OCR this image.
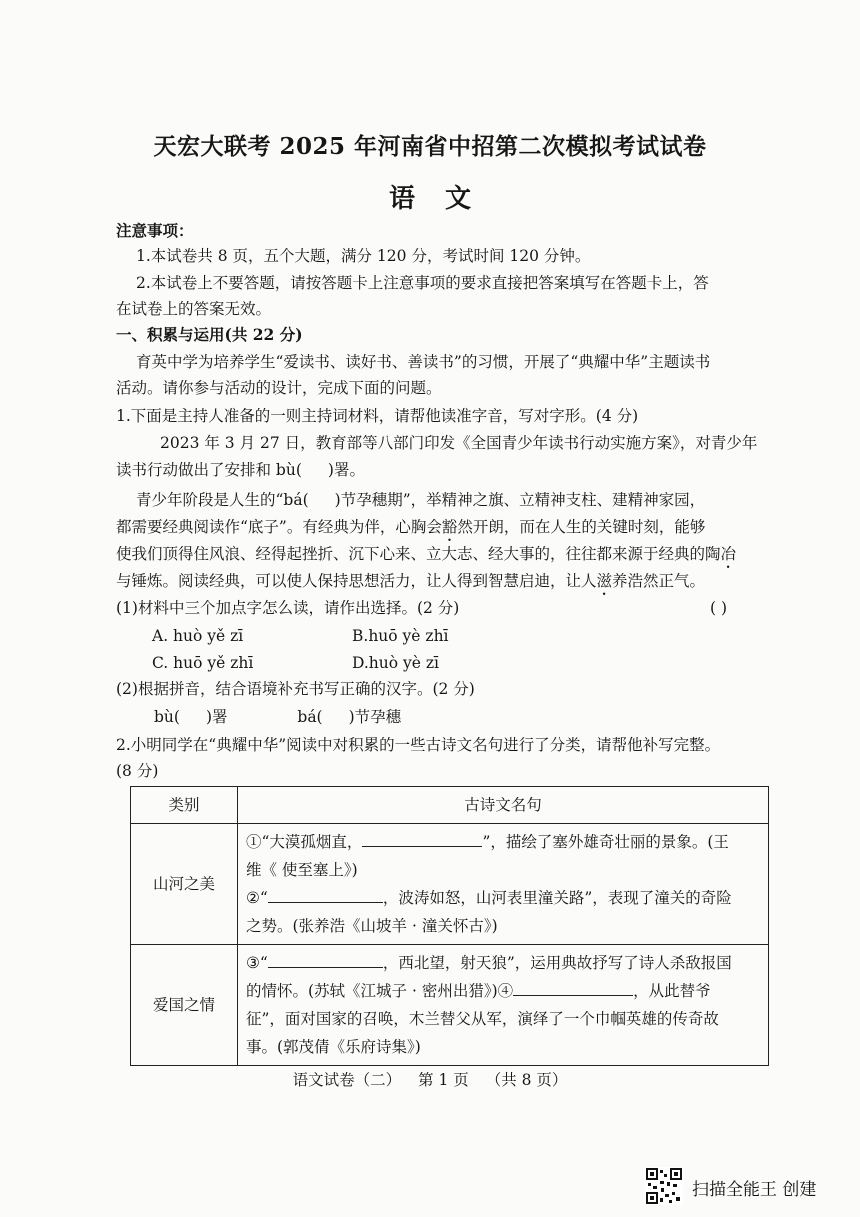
天宏大联考 2025 年河南省中招第二次模拟考试试卷
语文
注意事项：
1.本试卷共 8 页，五个大题，满分 120 分，考试时间 120 分钟。
2.本试卷上不要答题，请按答题卡上注意事项的要求直接把答案填写在答题卡上，答
在试卷上的答案无效。
一、积累与运用(共 22 分)
育英中学为培养学生“爱读书、读好书、善读书”的习惯，开展了“典耀中华”主题读书
活动。请你参与活动的设计，完成下面的问题。
1.下面是主持人准备的一则主持词材料，请帮他读准字音，写对字形。(4 分)
2023 年 3 月 27 日，教育部等八部门印发《全国青少年读书行动实施方案》，对青少年
读书行动做出了安排和 bù( )署。
青少年阶段是人生的“bá( )节孕穗期”，举精神之旗、立精神支柱、建精神家园，
都需要经典阅读作“底子”。有经典为伴，心胸会豁然开朗，而在人生的关键时刻，能够
使我们顶得住风浪、经得起挫折、沉下心来、立大志、经大事的，往往都来源于经典的陶冶
与锤炼。阅读经典，可以使人保持思想活力，让人得到智慧启迪，让人滋养浩然正气。
(1)材料中三个加点字怎么读，请作出选择。(2 分)	( )
A. huò yě zī	B.huō yè zhī
C. huō yě zhī	D.huò yè zī
(2)根据拼音，结合语境补充书写正确的汉字。(2 分)
bù( )署	bá( )节孕穗
2.小明同学在“典耀中华”阅读中对积累的一些古诗文名句进行了分类，请帮他补写完整。
(8 分)
类别	古诗文名句
山河之美	①“大漠孤烟直， ”，描绘了塞外雄奇壮丽的景象。(王
维《 使至塞上》)
②“ ，波涛如怒，山河表里潼关路”，表现了潼关的奇险
之势。(张养浩《山坡羊 · 潼关怀古》)

爱国之情	③“ ，西北望，射天狼”，运用典故抒写了诗人杀敌报国
的情怀。(苏轼《江城子 · 密州出猎》)④ ，从此替爷
征”，面对国家的召唤，木兰替父从军，演绎了一个巾帼英雄的传奇故
事。(郭茂倩《乐府诗集》)
语文试卷（二） 第 1 页 （共 8 页）
扫描全能王 创建
